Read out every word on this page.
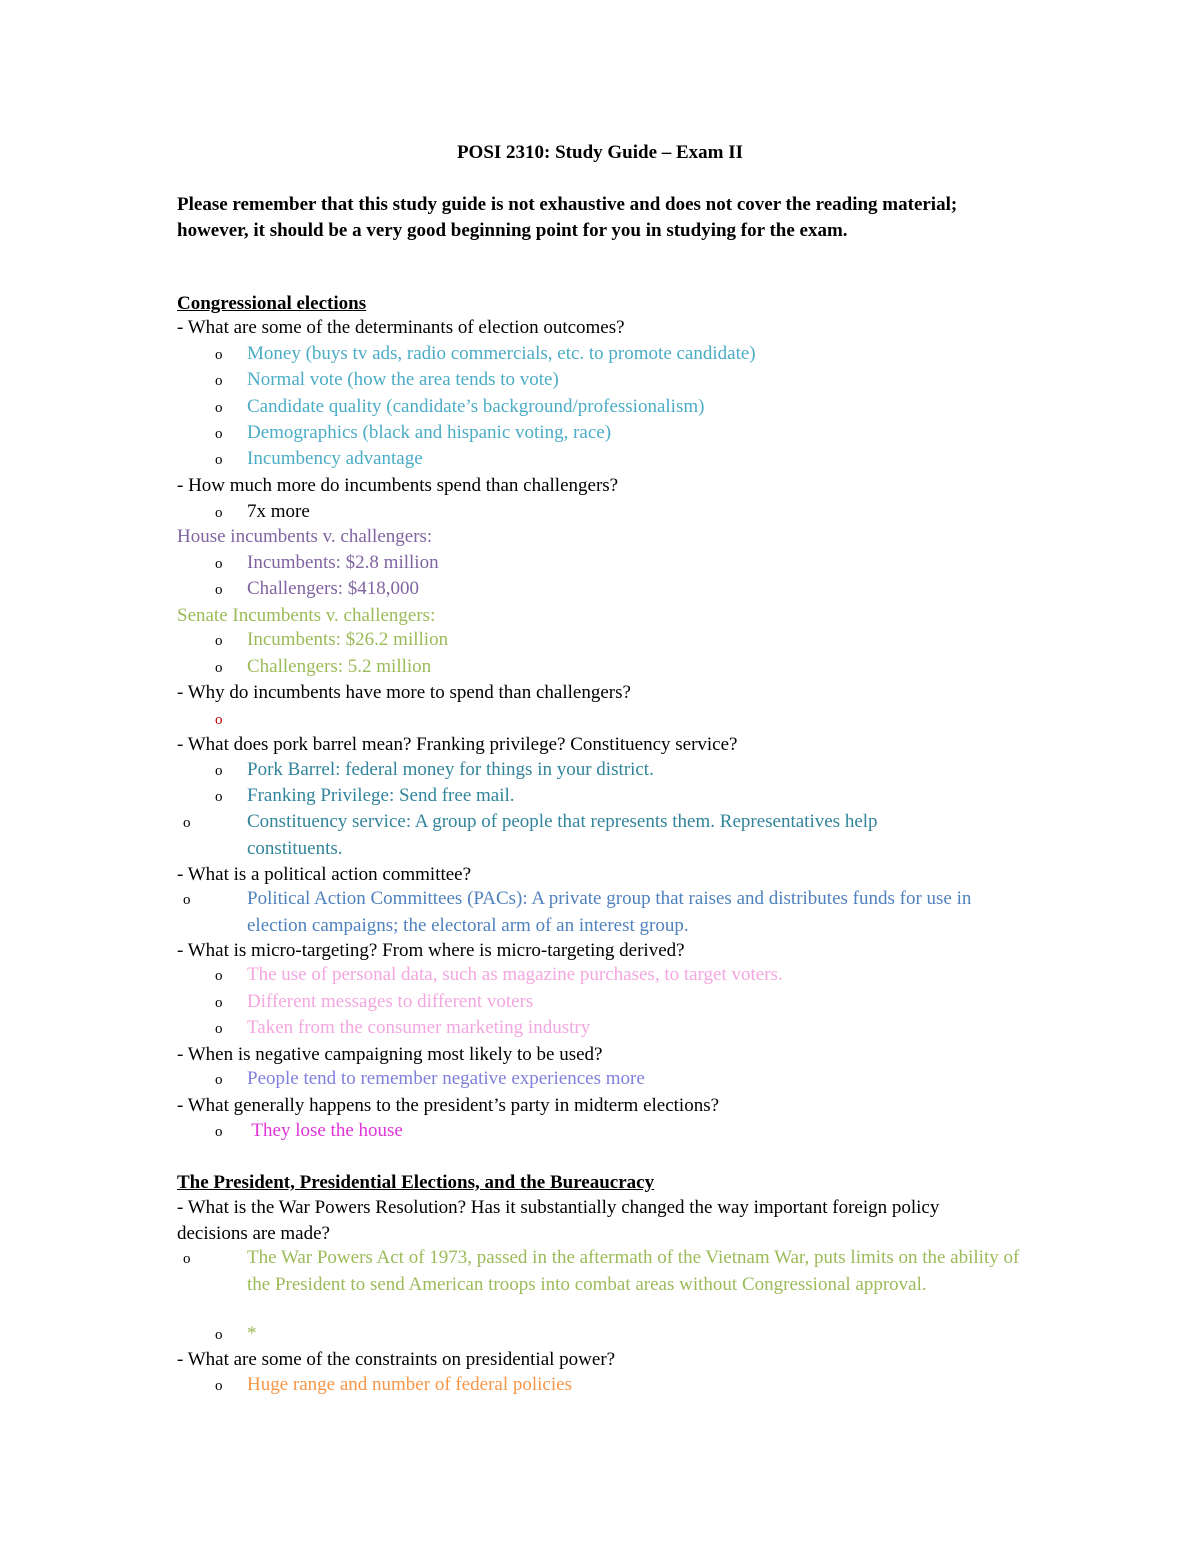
POSI 2310: Study Guide – Exam II
Please remember that this study guide is not exhaustive and does not cover the reading material; however, it should be a very good beginning point for you in studying for the exam.
Congressional elections
- What are some of the determinants of election outcomes?
o Money (buys tv ads, radio commercials, etc. to promote candidate)
o Normal vote (how the area tends to vote)
o Candidate quality (candidate’s background/professionalism)
o Demographics (black and hispanic voting, race)
o Incumbency advantage
- How much more do incumbents spend than challengers?
o 7x more
House incumbents v. challengers:
o Incumbents: $2.8 million
o Challengers: $418,000
Senate Incumbents v. challengers:
o Incumbents: $26.2 million
o Challengers: 5.2 million
- Why do incumbents have more to spend than challengers?
o
- What does pork barrel mean? Franking privilege? Constituency service?
o Pork Barrel: federal money for things in your district.
o Franking Privilege: Send free mail.
o	Constituency service: A group of people that represents them. Representatives help constituents.
- What is a political action committee?
o	Political Action Committees (PACs): A private group that raises and distributes funds for use in election campaigns; the electoral arm of an interest group.
- What is micro-targeting? From where is micro-targeting derived?
o The use of personal data, such as magazine purchases, to target voters.
o Different messages to different voters
o Taken from the consumer marketing industry
- When is negative campaigning most likely to be used?
o People tend to remember negative experiences more
- What generally happens to the president’s party in midterm elections?
o They lose the house
The President, Presidential Elections, and the Bureaucracy
- What is the War Powers Resolution? Has it substantially changed the way important foreign policy decisions are made?
o	The War Powers Act of 1973, passed in the aftermath of the Vietnam War, puts limits on the ability of the President to send American troops into combat areas without Congressional approval.
o *
- What are some of the constraints on presidential power?
o Huge range and number of federal policies
